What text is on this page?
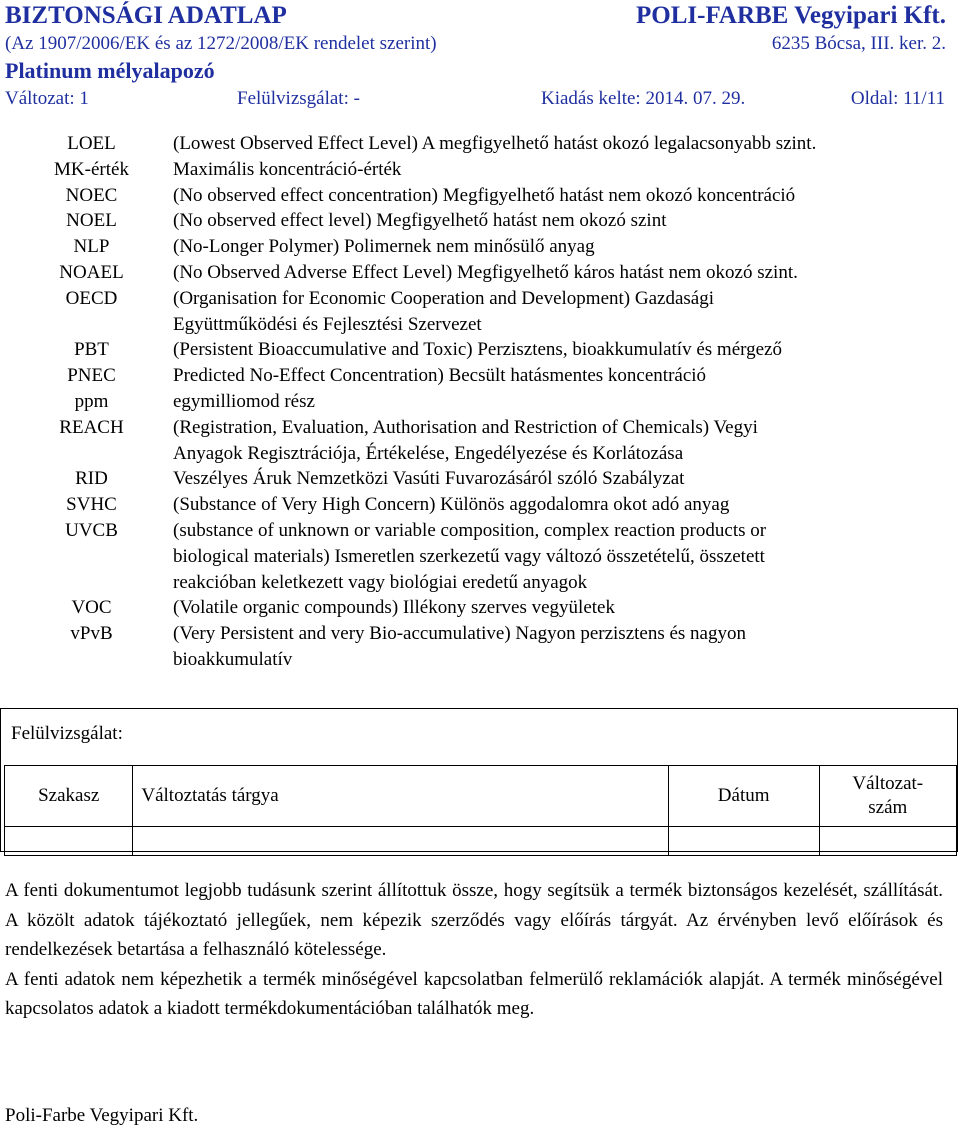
BIZTONSÁGI ADATLAP	POLI-FARBE Vegyipari Kft.
(Az 1907/2006/EK és az 1272/2008/EK rendelet szerint)	6235 Bócsa, III. ker. 2.
Platinum mélyalapozó
Változat: 1	Felülvizsgálat: -	Kiadás kelte: 2014. 07. 29.	Oldal: 11/11
LOEL	(Lowest Observed Effect Level) A megfigyelhető hatást okozó legalacsonyabb szint.
MK-érték	Maximális koncentráció-érték
NOEC	(No observed effect concentration) Megfigyelhető hatást nem okozó koncentráció
NOEL	(No observed effect level) Megfigyelhető hatást nem okozó szint
NLP	(No-Longer Polymer) Polimernek nem minősülő anyag
NOAEL	(No Observed Adverse Effect Level) Megfigyelhető káros hatást nem okozó szint.
OECD	(Organisation for Economic Cooperation and Development) Gazdasági
Együttműködési és Fejlesztési Szervezet
PBT	(Persistent Bioaccumulative and Toxic) Perzisztens, bioakkumulatív és mérgező
PNEC	Predicted No-Effect Concentration) Becsült hatásmentes koncentráció
ppm	egymilliomod rész
REACH	(Registration, Evaluation, Authorisation and Restriction of Chemicals) Vegyi
Anyagok Regisztrációja, Értékelése, Engedélyezése és Korlátozása
RID	Veszélyes Áruk Nemzetközi Vasúti Fuvarozásáról szóló Szabályzat
SVHC	(Substance of Very High Concern) Különös aggodalomra okot adó anyag
UVCB	(substance of unknown or variable composition, complex reaction products or
biological materials) Ismeretlen szerkezetű vagy változó összetételű, összetett
reakcióban keletkezett vagy biológiai eredetű anyagok
VOC	(Volatile organic compounds) Illékony szerves vegyületek
vPvB	(Very Persistent and very Bio-accumulative) Nagyon perzisztens és nagyon
bioakkumulatív
Felülvizsgálat:
Szakasz	Változtatás tárgya	Dátum	Változat-
szám

A fenti dokumentumot legjobb tudásunk szerint állítottuk össze, hogy segítsük a termék biztonságos kezelését, szállítását. A közölt adatok tájékoztató jellegűek, nem képezik szerződés vagy előírás tárgyát. Az érvényben levő előírások és rendelkezések betartása a felhasználó kötelessége.

A fenti adatok nem képezhetik a termék minőségével kapcsolatban felmerülő reklamációk alapját. A termék minőségével kapcsolatos adatok a kiadott termékdokumentációban találhatók meg.

Poli-Farbe Vegyipari Kft.
